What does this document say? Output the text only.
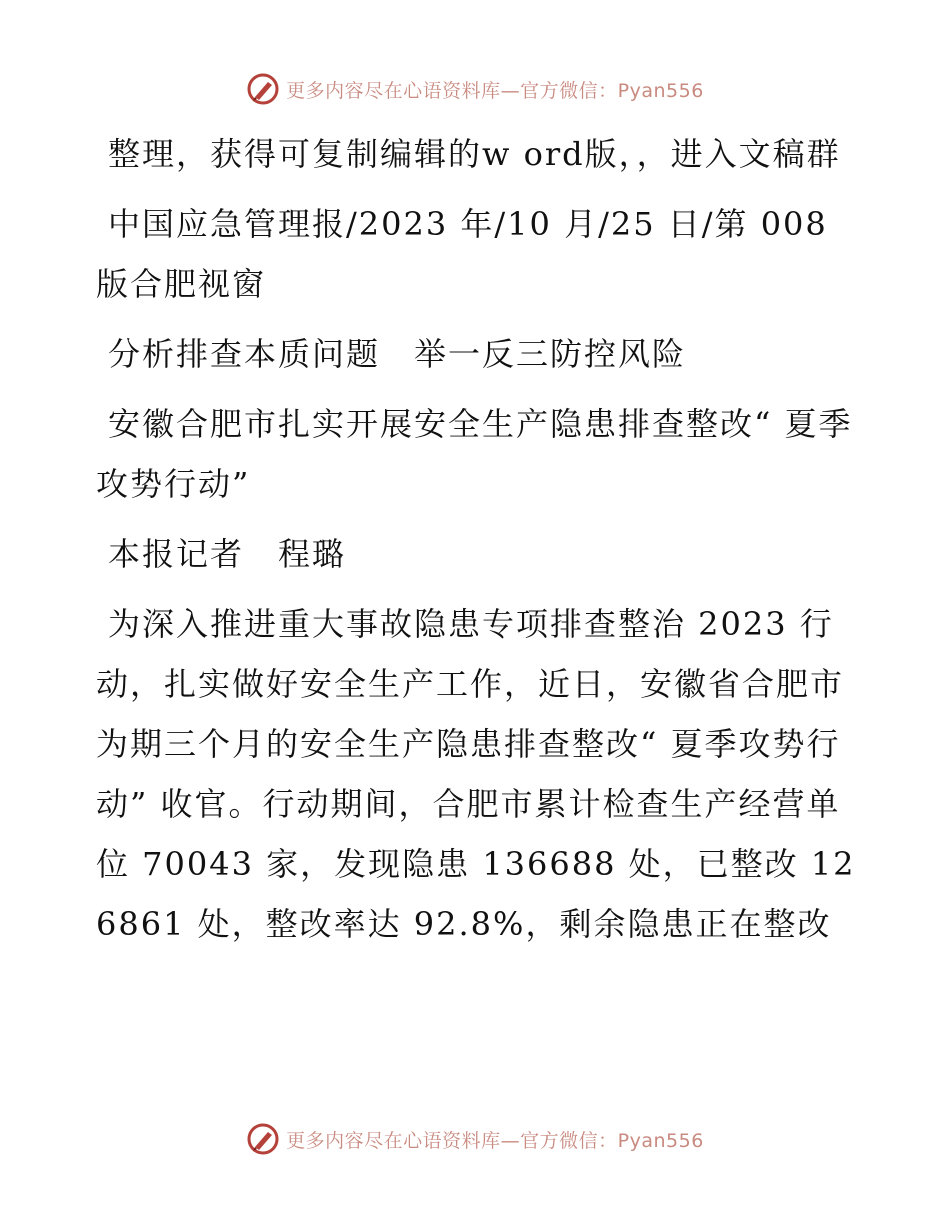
更多内容尽在心语资料库—官方微信：Pyan556

整理，获得可复制编辑的w ord版，，进入文稿群

中国应急管理报/2023 年/10 月/25 日/第 008 版合肥视窗

分析排查本质问题　举一反三防控风险

安徽合肥市扎实开展安全生产隐患排查整改“ 夏季攻势行动”

本报记者　程璐

为深入推进重大事故隐患专项排查整治 2023 行动，扎实做好安全生产工作，近日，安徽省合肥市为期三个月的安全生产隐患排查整改“ 夏季攻势行动” 收官。行动期间，合肥市累计检查生产经营单位 70043 家，发现隐患 136688 处，已整改 126861 处，整改率达 92.8%，剩余隐患正在整改

更多内容尽在心语资料库—官方微信：Pyan556
